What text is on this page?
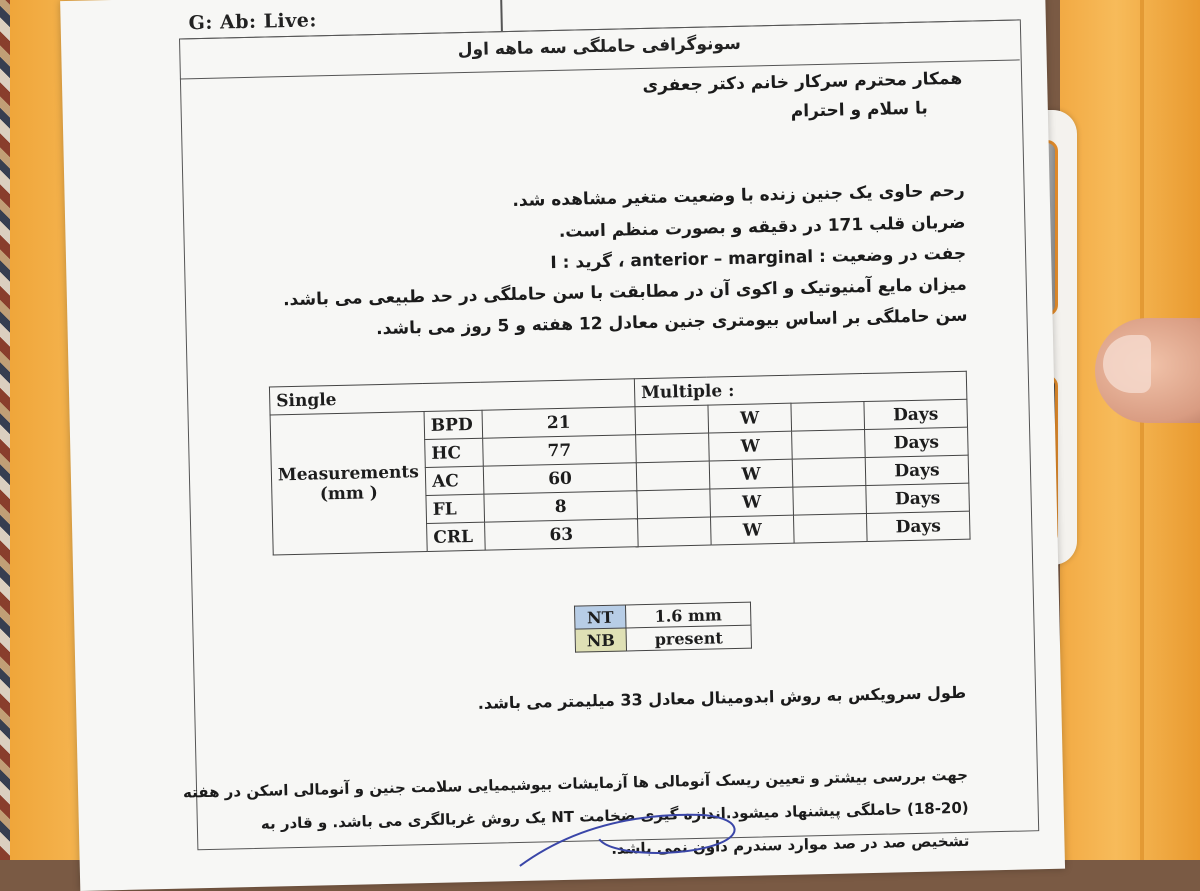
G: Ab: Live:
سونوگرافی حاملگی سه ماهه اول
همکار محترم سرکار خانم دکتر جعفری
با سلام و احترام
رحم حاوی یک جنین زنده با وضعیت متغیر مشاهده شد.
ضربان قلب 171 در دقیقه و بصورت منظم است.
جفت در وضعیت : anterior – marginal ، گرید : I
میزان مایع آمنیوتیک و اکوی آن در مطابقت با سن حاملگی در حد طبیعی می باشد.
سن حاملگی بر اساس بیومتری جنین معادل 12 هفته و 5 روز می باشد.
Single			Multiple :			

Measurements
(mm )	BPD	21		W		Days
	HC	77		W		Days
	AC	60		W		Days
	FL	8		W		Days
	CRL	63		W		Days
NT	1.6 mm
NB	present
طول سرویکس به روش ابدومینال معادل 33 میلیمتر می باشد.
جهت بررسی بیشتر و تعیین ریسک آنومالی ها آزمایشات بیوشیمیایی سلامت جنین و آنومالی اسکن در هفته
(18-20) حاملگی پیشنهاد میشود.اندازه گیری ضخامت NT یک روش غربالگری می باشد. و قادر به
تشخیص صد در صد موارد سندرم داون نمی باشد.
